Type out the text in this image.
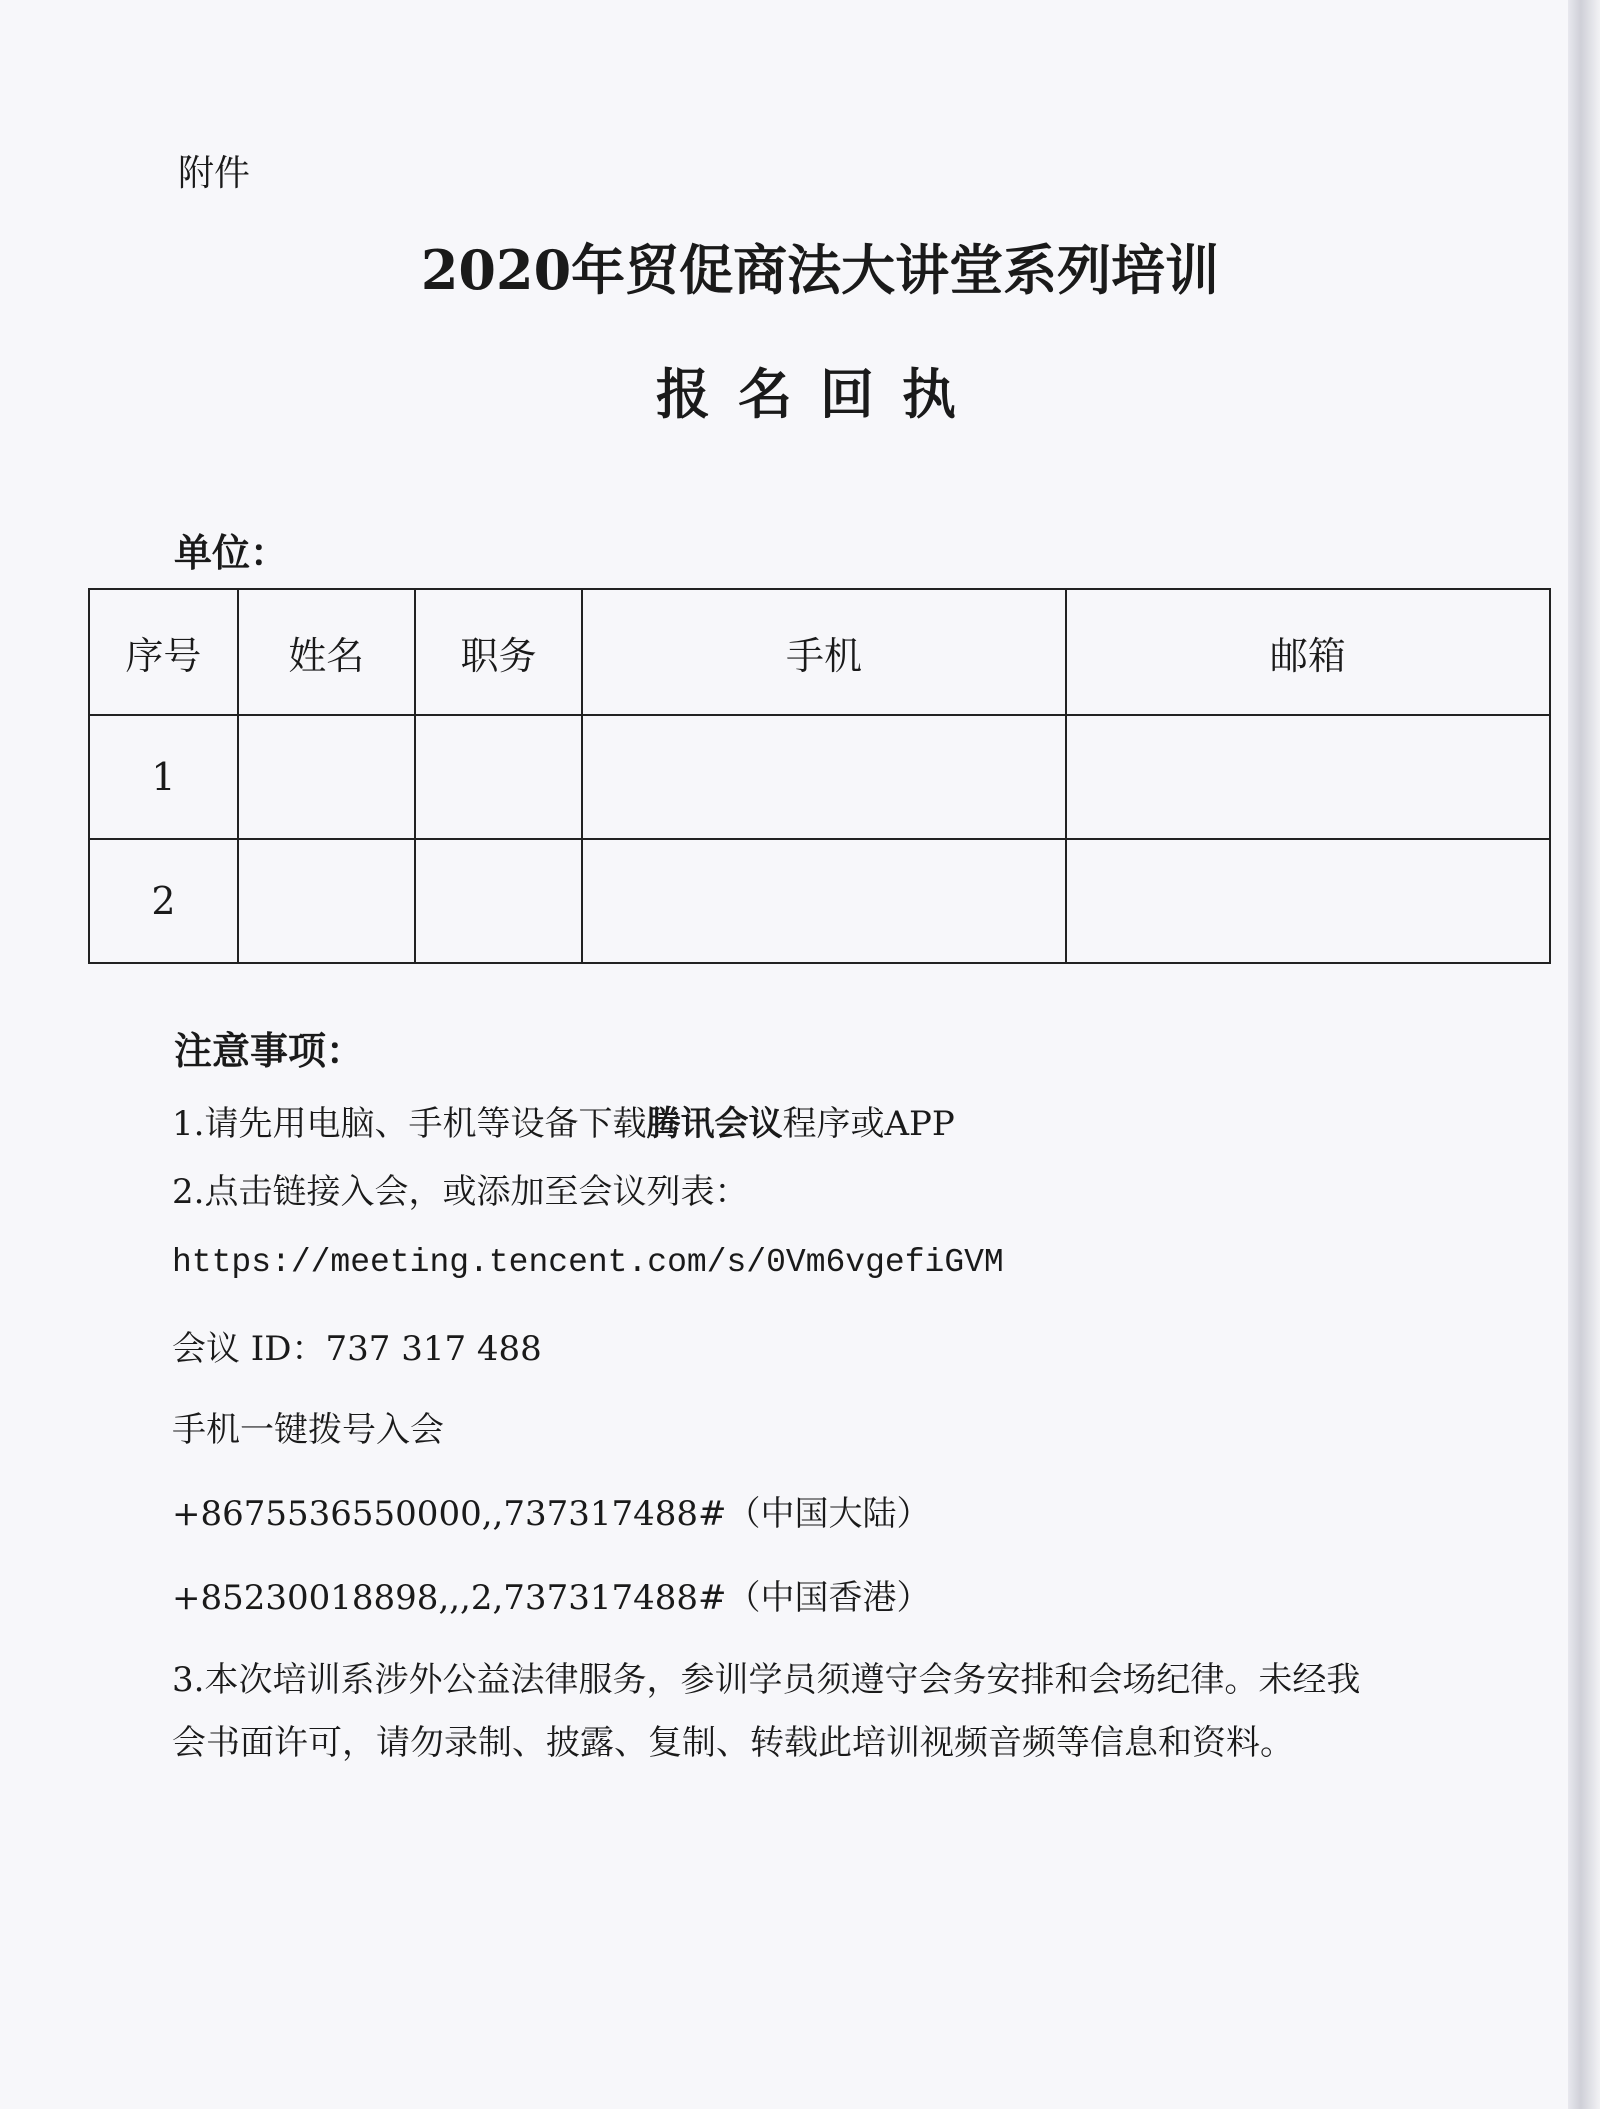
附件
2020年贸促商法大讲堂系列培训
报名回执
单位：
序号	姓名	职务	手机	邮箱
1				
2				
注意事项：
1.请先用电脑、手机等设备下载腾讯会议程序或APP
2.点击链接入会，或添加至会议列表：
https://meeting.tencent.com/s/0Vm6vgefiGVM
会议 ID：737 317 488
手机一键拨号入会
+8675536550000,,737317488#（中国大陆）
+85230018898,,,2,737317488#（中国香港）
3.本次培训系涉外公益法律服务，参训学员须遵守会务安排和会场纪律。未经我
会书面许可，请勿录制、披露、复制、转载此培训视频音频等信息和资料。
